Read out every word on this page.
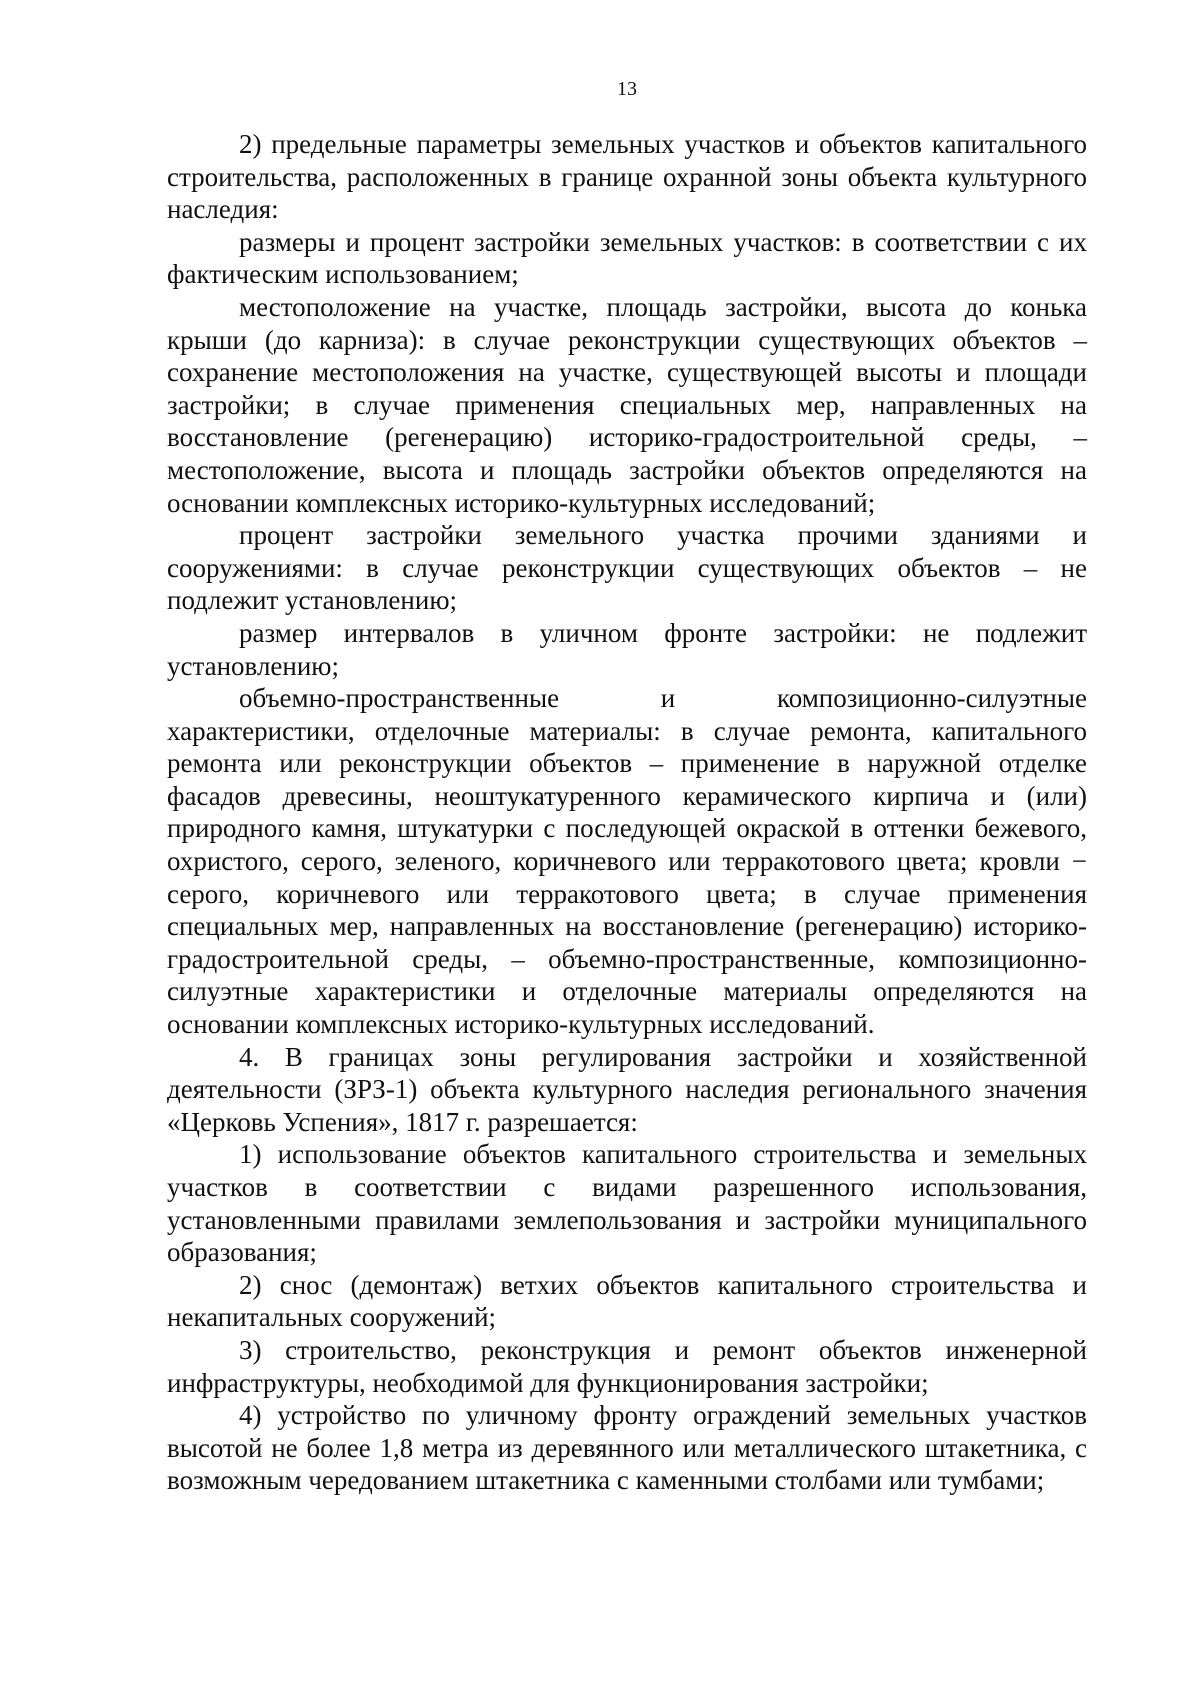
13

2) предельные параметры земельных участков и объектов капитального строительства, расположенных в границе охранной зоны объекта культурного наследия:

размеры и процент застройки земельных участков: в соответствии с их фактическим использованием;

местоположение на участке, площадь застройки, высота до конька крыши (до карниза): в случае реконструкции существующих объектов – сохранение местоположения на участке, существующей высоты и площади застройки; в случае применения специальных мер, направленных на восстановление (регенерацию) историко-градостроительной среды, – местоположение, высота и площадь застройки объектов определяются на основании комплексных историко-культурных исследований;

процент застройки земельного участка прочими зданиями и сооружениями: в случае реконструкции существующих объектов – не подлежит установлению;

размер интервалов в уличном фронте застройки: не подлежит установлению;

объемно-пространственные и композиционно-силуэтные характеристики, отделочные материалы: в случае ремонта, капитального ремонта или реконструкции объектов – применение в наружной отделке фасадов древесины, неоштукатуренного керамического кирпича и (или) природного камня, штукатурки с последующей окраской в оттенки бежевого, охристого, серого, зеленого, коричневого или терракотового цвета; кровли − серого, коричневого или терракотового цвета; в случае применения специальных мер, направленных на восстановление (регенерацию) историко-градостроительной среды, – объемно-пространственные, композиционно-силуэтные характеристики и отделочные материалы определяются на основании комплексных историко-культурных исследований.

4. В границах зоны регулирования застройки и хозяйственной деятельности (ЗРЗ-1) объекта культурного наследия регионального значения «Церковь Успения», 1817 г. разрешается:

1) использование объектов капитального строительства и земельных участков в соответствии с видами разрешенного использования, установленными правилами землепользования и застройки муниципального образования;

2) снос (демонтаж) ветхих объектов капитального строительства и некапитальных сооружений;

3) строительство, реконструкция и ремонт объектов инженерной инфраструктуры, необходимой для функционирования застройки;

4) устройство по уличному фронту ограждений земельных участков высотой не более 1,8 метра из деревянного или металлического штакетника, с возможным чередованием штакетника с каменными столбами или тумбами;
